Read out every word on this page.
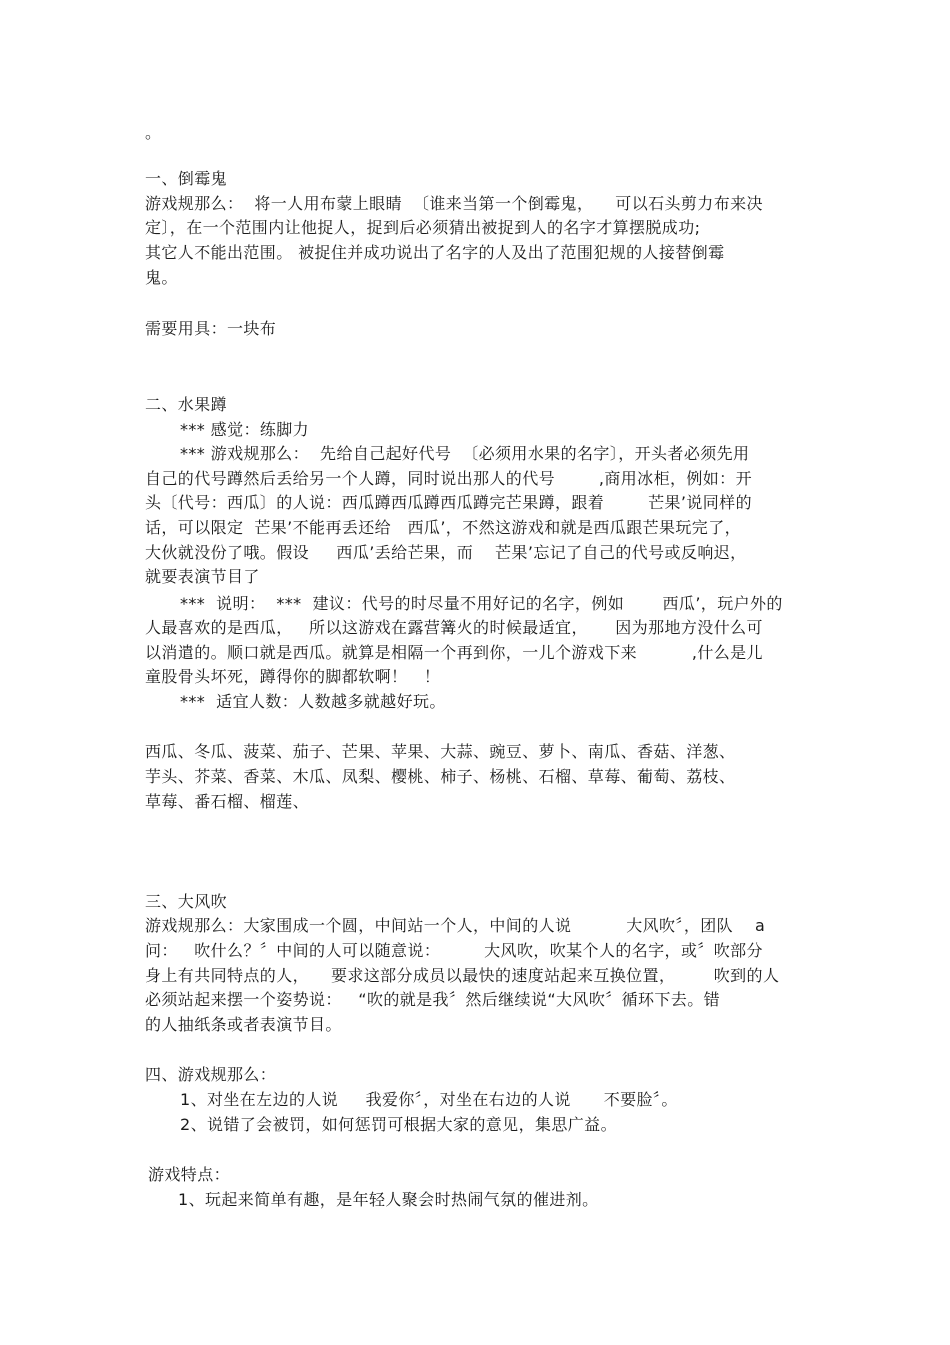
。
一、倒霉鬼
游戏规那么：  将一人用布蒙上眼睛  〔谁来当第一个倒霉鬼，    可以石头剪力布来决
定〕，在一个范围内让他捉人，捉到后必须猜出被捉到人的名字才算摆脱成功;
其它人不能出范围。 被捉住并成功说出了名字的人及出了范围犯规的人接替倒霉
鬼。
需要用具：一块布
二、水果蹲
*** 感觉：练脚力
*** 游戏规那么：  先给自己起好代号  〔必须用水果的名字〕，开头者必须先用
自己的代号蹲然后丢给另一个人蹲，同时说出那人的代号        ,商用冰柜，例如：开
头〔代号：西瓜〕的人说：西瓜蹲西瓜蹲西瓜蹲完芒果蹲，跟着        芒果’说同样的
话，可以限定  芒果’不能再丢还给   西瓜’，不然这游戏和就是西瓜跟芒果玩完了，
大伙就没份了哦。假设     西瓜’丢给芒果，而    芒果’忘记了自己的代号或反响迟，
就要表演节目了
***  说明：  ***  建议：代号的时尽量不用好记的名字，例如       西瓜’，玩户外的
人最喜欢的是西瓜，   所以这游戏在露营篝火的时候最适宜，     因为那地方没什么可
以消遣的。顺口就是西瓜。就算是相隔一个再到你，一儿个游戏下来          ,什么是儿
童股骨头坏死，蹲得你的脚都软啊！   ！
***  适宜人数：人数越多就越好玩。
西瓜、冬瓜、菠菜、茄子、芒果、苹果、大蒜、豌豆、萝卜、南瓜、香菇、洋葱、
芋头、芥菜、香菜、木瓜、凤梨、樱桃、柿子、杨桃、石榴、草莓、葡萄、荔枝、
草莓、番石榴、榴莲、
三、大风吹
游戏规那么：大家围成一个圆，中间站一个人，中间的人说          大风吹〞，团队    a
问：   吹什么？〞中间的人可以随意说：        大风吹，吹某个人的名字，或〞吹部分
身上有共同特点的人，    要求这部分成员以最快的速度站起来互换位置，       吹到的人
必须站起来摆一个姿势说：   “吹的就是我〞然后继续说“大风吹〞循环下去。错
的人抽纸条或者表演节目。
四、游戏规那么：
1、对坐在左边的人说     我爱你〞，对坐在右边的人说      不要脸〞。
2、说错了会被罚，如何惩罚可根据大家的意见，集思广益。
游戏特点：
1、玩起来简单有趣，是年轻人聚会时热闹气氛的催进剂。
